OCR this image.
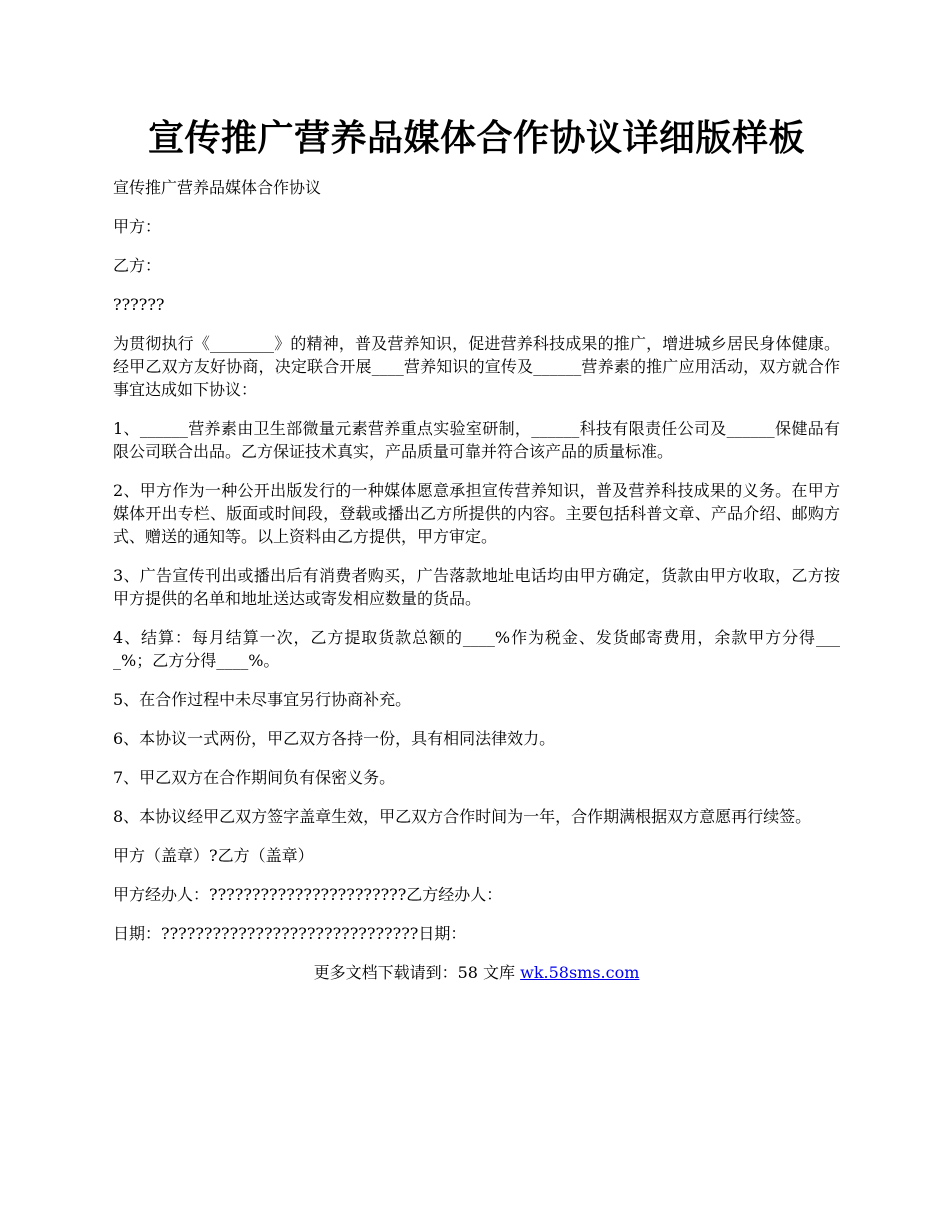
宣传推广营养品媒体合作协议详细版样板
宣传推广营养品媒体合作协议
甲方：
乙方：
??????
为贯彻执行《________》的精神，普及营养知识，促进营养科技成果的推广，增进城乡居民身体健康。经甲乙双方友好协商，决定联合开展____营养知识的宣传及______营养素的推广应用活动，双方就合作事宜达成如下协议：
1、______营养素由卫生部微量元素营养重点实验室研制，______科技有限责任公司及______保健品有限公司联合出品。乙方保证技术真实，产品质量可靠并符合该产品的质量标准。
2、甲方作为一种公开出版发行的一种媒体愿意承担宣传营养知识，普及营养科技成果的义务。在甲方媒体开出专栏、版面或时间段，登载或播出乙方所提供的内容。主要包括科普文章、产品介绍、邮购方式、赠送的通知等。以上资料由乙方提供，甲方审定。
3、广告宣传刊出或播出后有消费者购买，广告落款地址电话均由甲方确定，货款由甲方收取，乙方按甲方提供的名单和地址送达或寄发相应数量的货品。
4、结算：每月结算一次，乙方提取货款总额的____%作为税金、发货邮寄费用，余款甲方分得____%；乙方分得____%。
5、在合作过程中未尽事宜另行协商补充。
6、本协议一式两份，甲乙双方各持一份，具有相同法律效力。
7、甲乙双方在合作期间负有保密义务。
8、本协议经甲乙双方签字盖章生效，甲乙双方合作时间为一年，合作期满根据双方意愿再行续签。
甲方（盖章）?乙方（盖章）
甲方经办人：???????????????????????乙方经办人：
日期：??????????????????????????????日期：
更多文档下载请到：58 文库 wk.58sms.com
